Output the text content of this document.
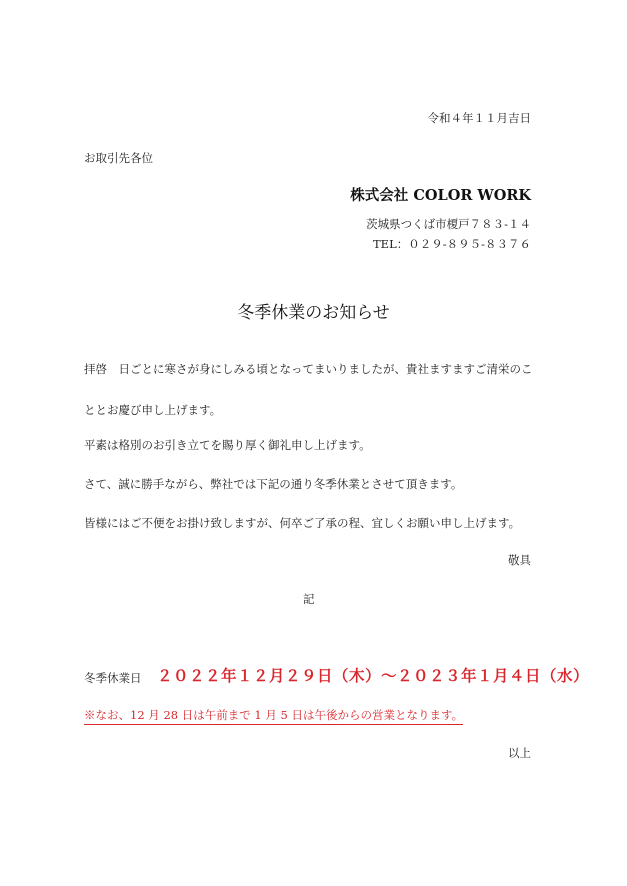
令和４年１１月吉日
お取引先各位
株式会社 COLOR WORK
茨城県つくば市榎戸７８３-１４
TEL：０２９-８９５-８３７６
冬季休業のお知らせ
拝啓　日ごとに寒さが身にしみる頃となってまいりましたが、貴社ますますご清栄のこ
ととお慶び申し上げます。
平素は格別のお引き立てを賜り厚く御礼申し上げます。
さて、誠に勝手ながら、弊社では下記の通り冬季休業とさせて頂きます。
皆様にはご不便をお掛け致しますが、何卒ご了承の程、宜しくお願い申し上げます。
敬具
記
冬季休業日 ２０２２年１２月２９日（木）～２０２３年１月４日（水）
※なお、12 月 28 日は午前まで 1 月 5 日は午後からの営業となります。
以上
